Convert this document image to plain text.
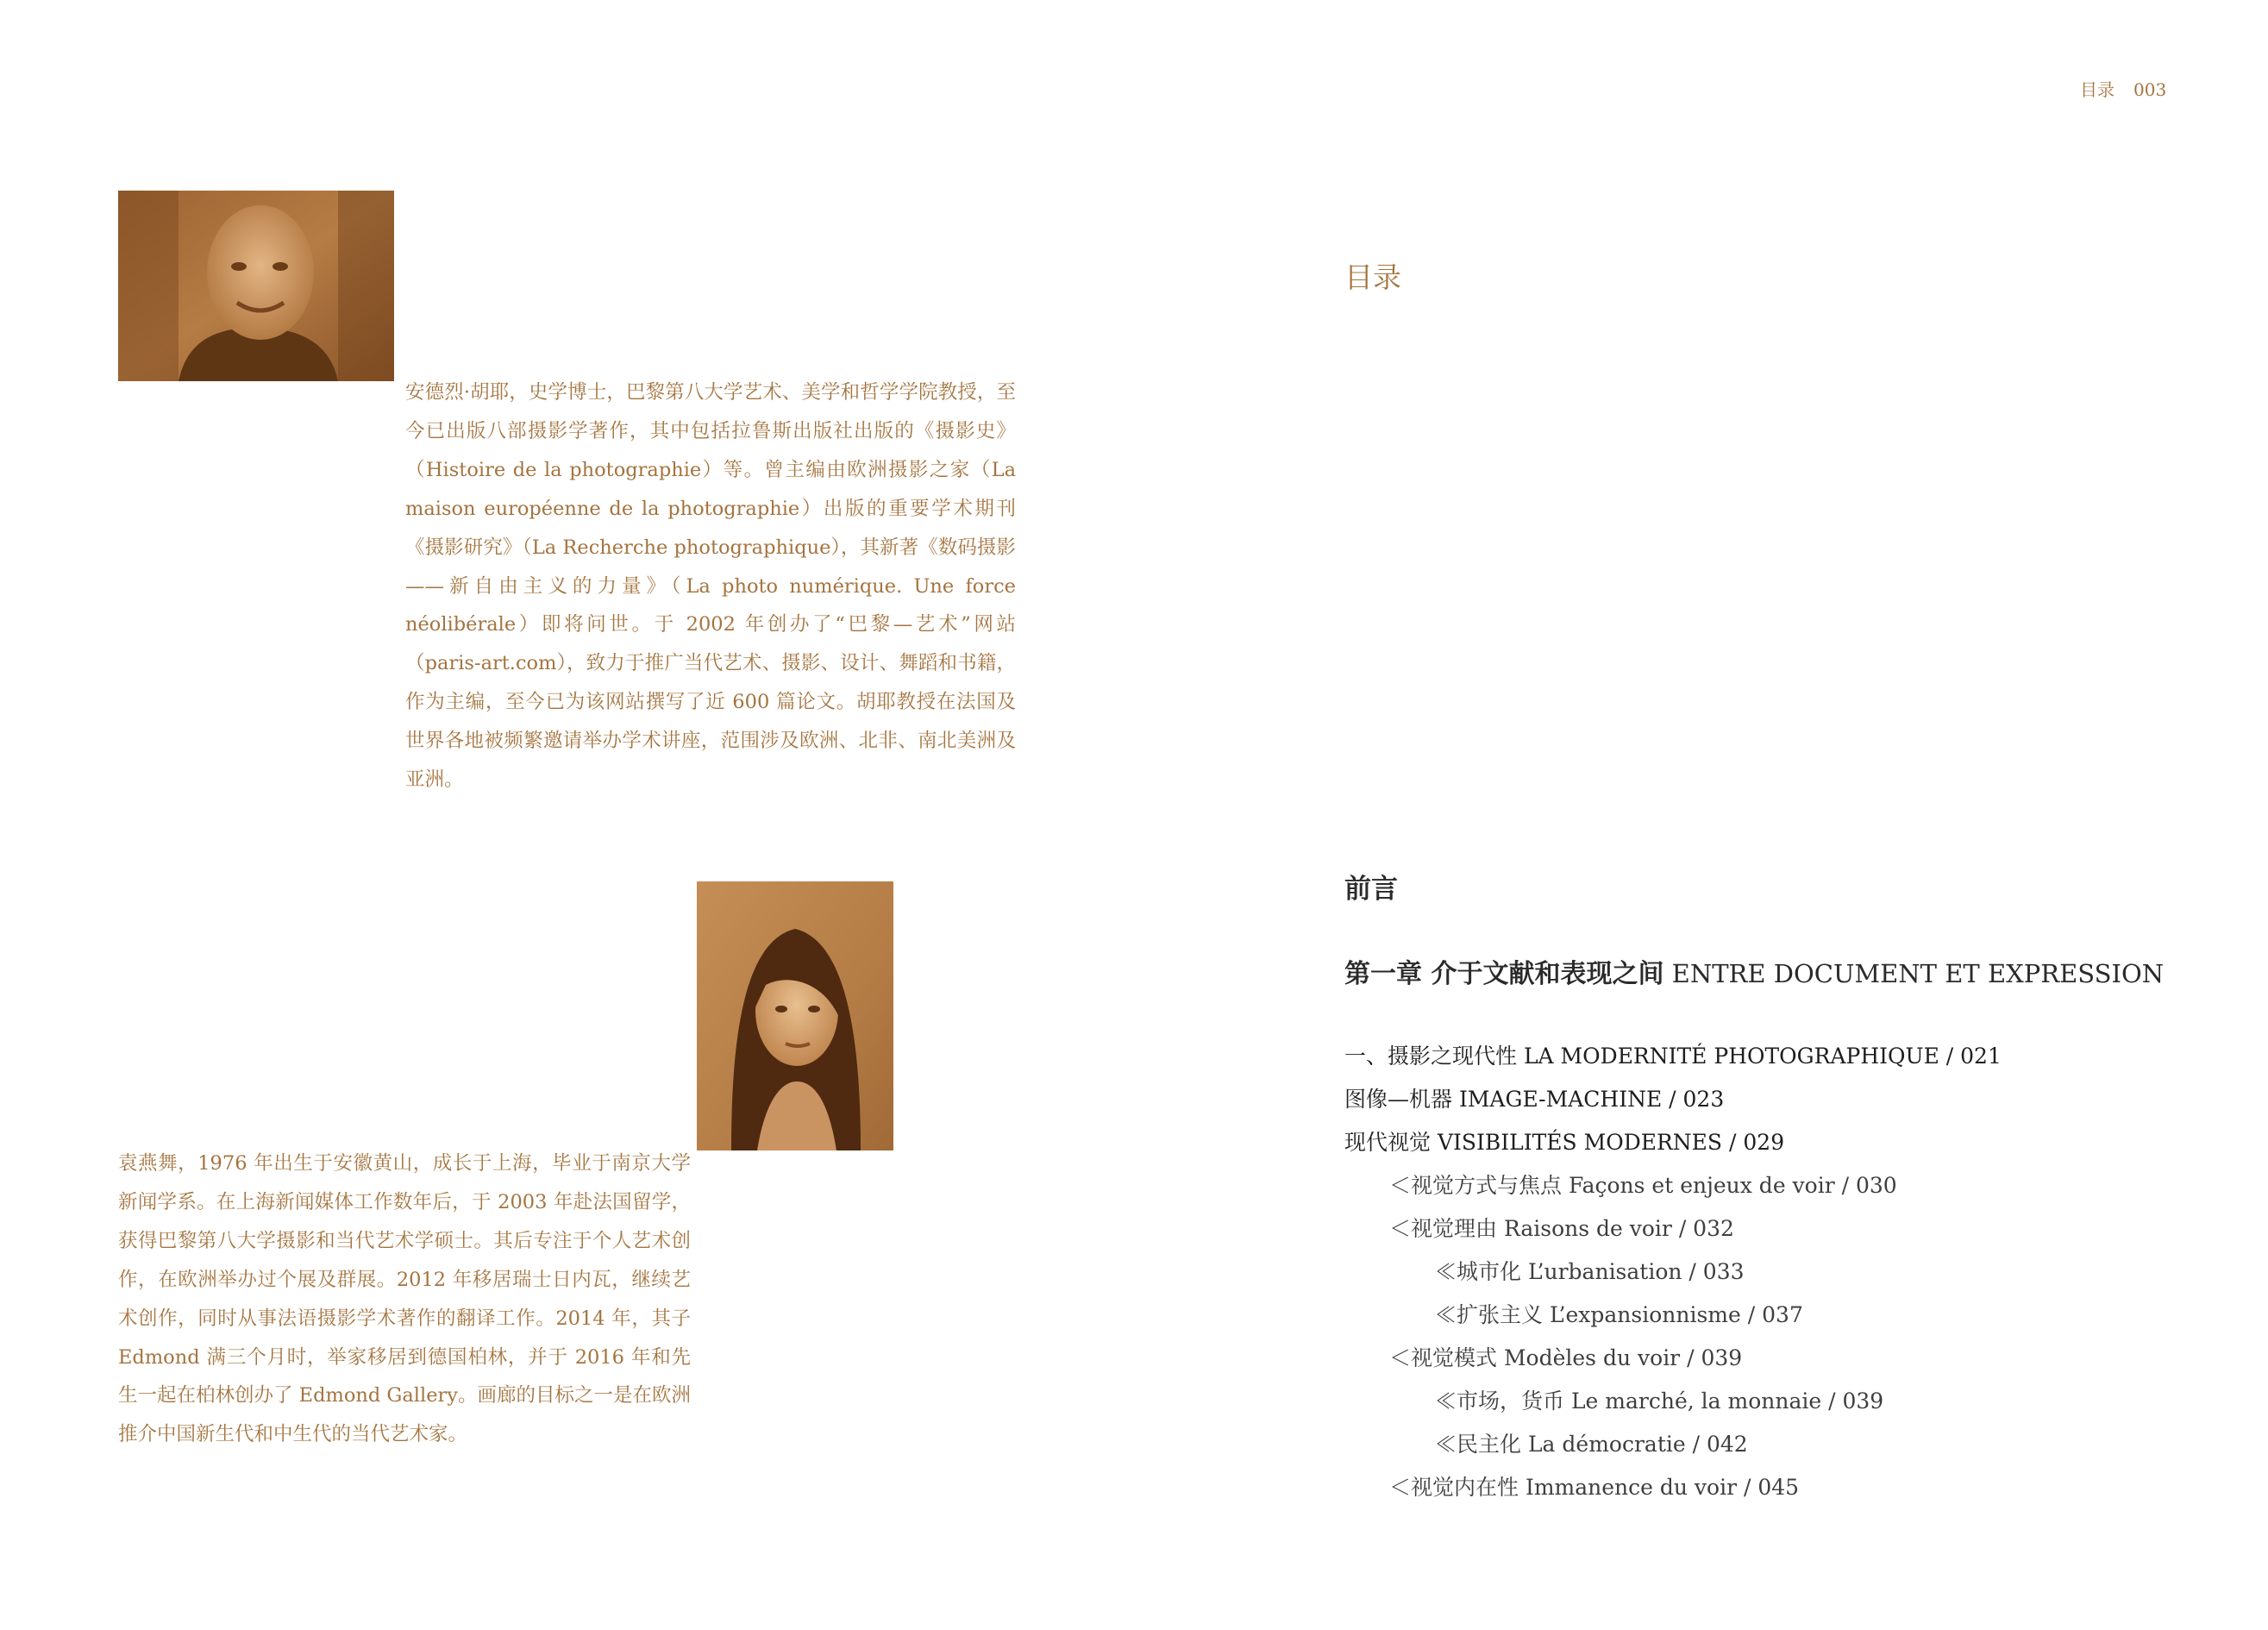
安德烈·胡耶，史学博士，巴黎第八大学艺术、美学和哲学学院教授，至今已出版八部摄影学著作，其中包括拉鲁斯出版社出版的《摄影史》（Histoire de la photographie）等。曾主编由欧洲摄影之家（La maison européenne de la photographie）出版的重要学术期刊《摄影研究》（La Recherche photographique），其新著《数码摄影——新自由主义的力量》（La photo numérique. Une force néolibérale）即将问世。于 2002 年创办了“巴黎—艺术”网站（paris-art.com），致力于推广当代艺术、摄影、设计、舞蹈和书籍，作为主编，至今已为该网站撰写了近 600 篇论文。胡耶教授在法国及世界各地被频繁邀请举办学术讲座，范围涉及欧洲、北非、南北美洲及亚洲。

袁燕舞，1976 年出生于安徽黄山，成长于上海，毕业于南京大学新闻学系。在上海新闻媒体工作数年后，于 2003 年赴法国留学，获得巴黎第八大学摄影和当代艺术学硕士。其后专注于个人艺术创作，在欧洲举办过个展及群展。2012 年移居瑞士日内瓦，继续艺术创作，同时从事法语摄影学术著作的翻译工作。2014 年，其子 Edmond 满三个月时，举家移居到德国柏林，并于 2016 年和先生一起在柏林创办了 Edmond Gallery。画廊的目标之一是在欧洲推介中国新生代和中生代的当代艺术家。

目录 003
目录
前言
第一章 介于文献和表现之间 ENTRE DOCUMENT ET EXPRESSION
一、摄影之现代性 LA MODERNITÉ PHOTOGRAPHIQUE / 021
图像—机器 IMAGE-MACHINE / 023
现代视觉 VISIBILITÉS MODERNES / 029
＜视觉方式与焦点 Façons et enjeux de voir / 030
＜视觉理由 Raisons de voir / 032
≪城市化 L’urbanisation / 033
≪扩张主义 L’expansionnisme / 037
＜视觉模式 Modèles du voir / 039
≪市场，货币 Le marché, la monnaie / 039
≪民主化 La démocratie / 042
＜视觉内在性 Immanence du voir / 045
